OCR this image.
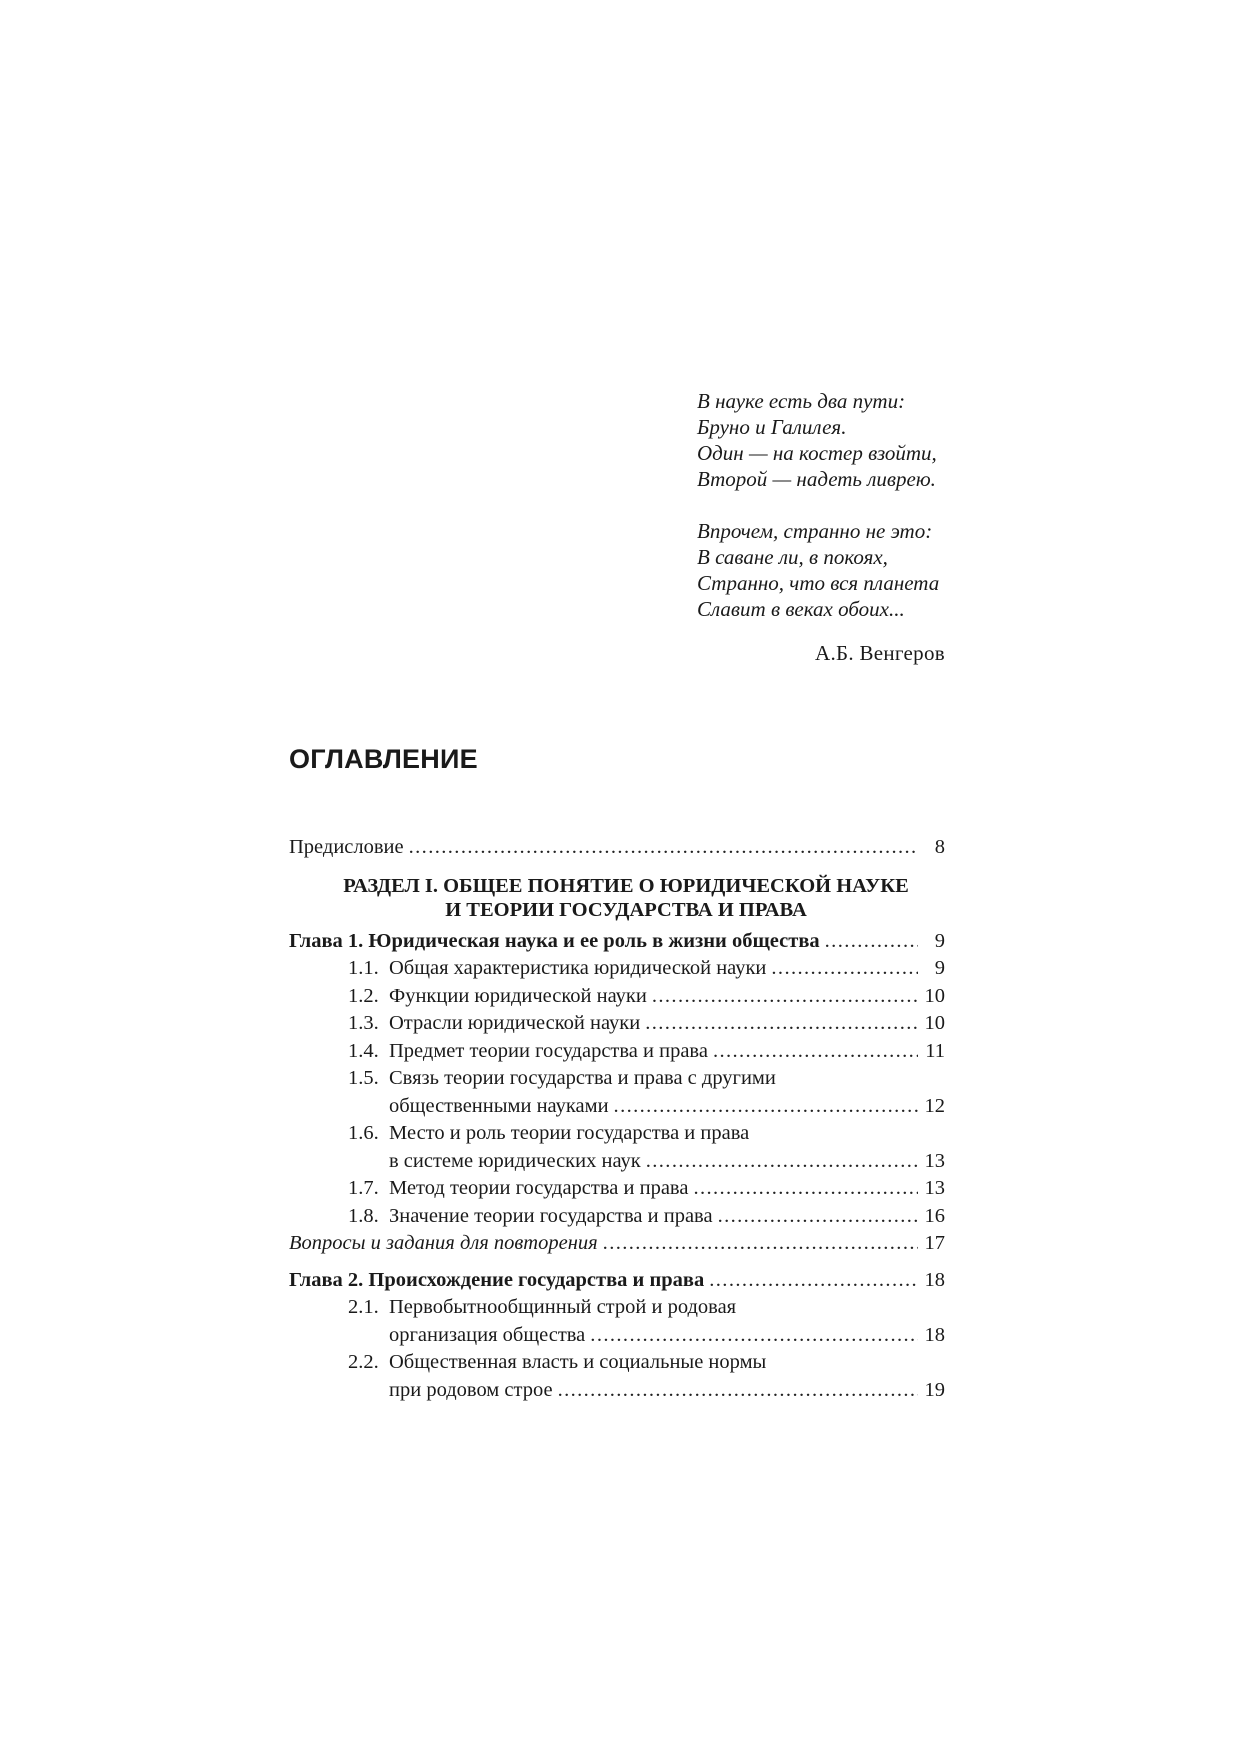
В науке есть два пути:
Бруно и Галилея.
Один — на костер взойти,
Второй — надеть ливрею.
Впрочем, странно не это:
В саване ли, в покоях,
Странно, что вся планета
Славит в веках обоих...
А.Б. Венгеров
ОГЛАВЛЕНИЕ
Предисловие .....	8
РАЗДЕЛ I. ОБЩЕЕ ПОНЯТИЕ О ЮРИДИЧЕСКОЙ НАУКЕ
И ТЕОРИИ ГОСУДАРСТВА И ПРАВА
Глава 1. Юридическая наука и ее роль в жизни общества .....	9
1.1. Общая характеристика юридической науки .....	9
1.2. Функции юридической науки .....	10
1.3. Отрасли юридической науки .....	10
1.4. Предмет теории государства и права .....	11
1.5. Связь теории государства и права с другими
общественными науками .....	12
1.6. Место и роль теории государства и права
в системе юридических наук .....	13
1.7. Метод теории государства и права .....	13
1.8. Значение теории государства и права .....	16
Вопросы и задания для повторения .....	17
Глава 2. Происхождение государства и права .....	18
2.1. Первобытнообщинный строй и родовая
организация общества .....	18
2.2. Общественная власть и социальные нормы
при родовом строе .....	19
